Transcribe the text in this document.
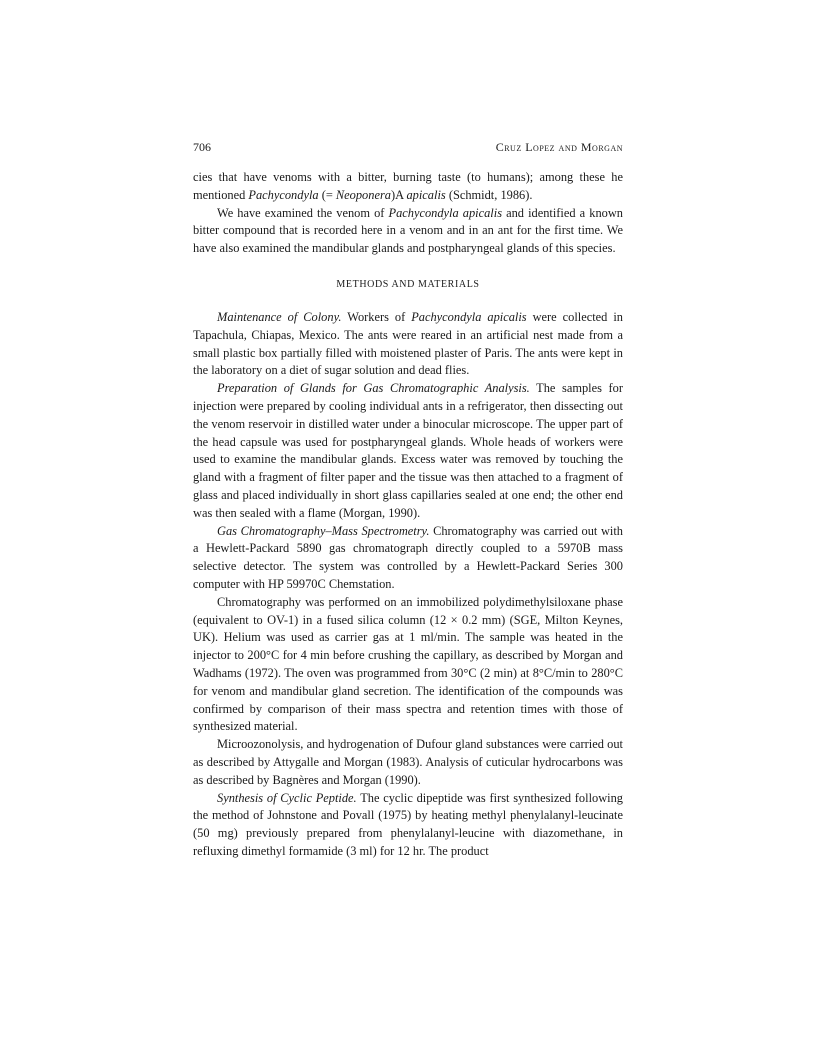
706	Cruz Lopez and Morgan

cies that have venoms with a bitter, burning taste (to humans); among these he mentioned Pachycondyla (= Neoponera)A apicalis (Schmidt, 1986).

We have examined the venom of Pachycondyla apicalis and identified a known bitter compound that is recorded here in a venom and in an ant for the first time. We have also examined the mandibular glands and postpharyngeal glands of this species.

METHODS AND MATERIALS

Maintenance of Colony. Workers of Pachycondyla apicalis were collected in Tapachula, Chiapas, Mexico. The ants were reared in an artificial nest made from a small plastic box partially filled with moistened plaster of Paris. The ants were kept in the laboratory on a diet of sugar solution and dead flies.

Preparation of Glands for Gas Chromatographic Analysis. The samples for injection were prepared by cooling individual ants in a refrigerator, then dissecting out the venom reservoir in distilled water under a binocular microscope. The upper part of the head capsule was used for postpharyngeal glands. Whole heads of workers were used to examine the mandibular glands. Excess water was removed by touching the gland with a fragment of filter paper and the tissue was then attached to a fragment of glass and placed individually in short glass capillaries sealed at one end; the other end was then sealed with a flame (Morgan, 1990).

Gas Chromatography–Mass Spectrometry. Chromatography was carried out with a Hewlett-Packard 5890 gas chromatograph directly coupled to a 5970B mass selective detector. The system was controlled by a Hewlett-Packard Series 300 computer with HP 59970C Chemstation.

Chromatography was performed on an immobilized polydimethylsiloxane phase (equivalent to OV-1) in a fused silica column (12 × 0.2 mm) (SGE, Milton Keynes, UK). Helium was used as carrier gas at 1 ml/min. The sample was heated in the injector to 200°C for 4 min before crushing the capillary, as described by Morgan and Wadhams (1972). The oven was programmed from 30°C (2 min) at 8°C/min to 280°C for venom and mandibular gland secretion. The identification of the compounds was confirmed by comparison of their mass spectra and retention times with those of synthesized material.

Microozonolysis, and hydrogenation of Dufour gland substances were carried out as described by Attygalle and Morgan (1983). Analysis of cuticular hydrocarbons was as described by Bagnères and Morgan (1990).

Synthesis of Cyclic Peptide. The cyclic dipeptide was first synthesized following the method of Johnstone and Povall (1975) by heating methyl phenylalanyl-leucinate (50 mg) previously prepared from phenylalanyl-leucine with diazomethane, in refluxing dimethyl formamide (3 ml) for 12 hr. The product
